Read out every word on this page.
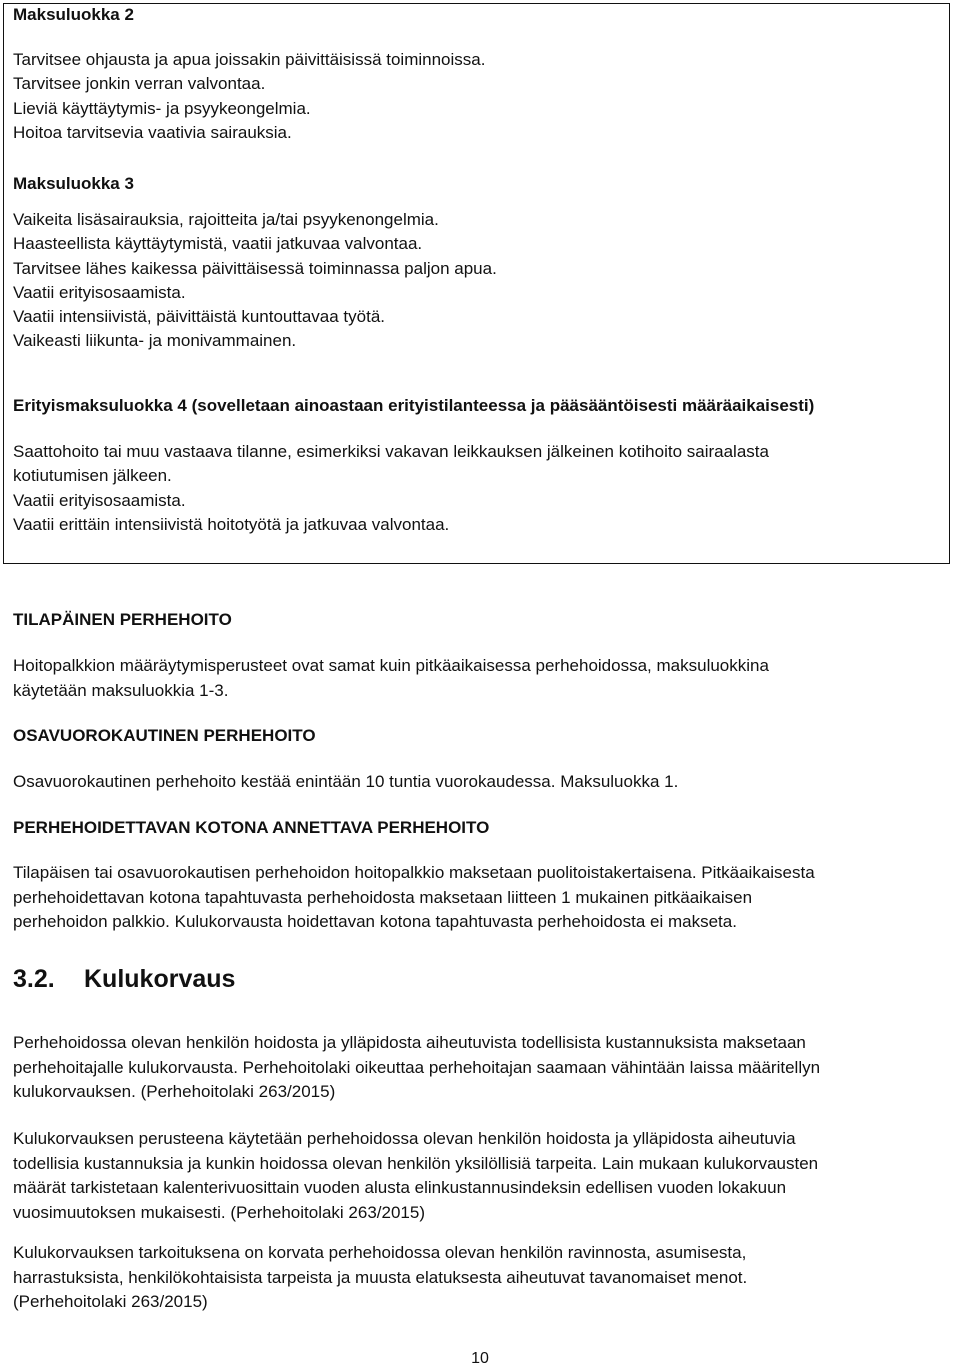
Maksuluokka 2

Tarvitsee ohjausta ja apua joissakin päivittäisissä toiminnoissa.
Tarvitsee jonkin verran valvontaa.
Lieviä käyttäytymis- ja psyykeongelmia.
Hoitoa tarvitsevia vaativia sairauksia.

Maksuluokka 3

Vaikeita lisäsairauksia, rajoitteita ja/tai psyykenongelmia.
Haasteellista käyttäytymistä, vaatii jatkuvaa valvontaa.
Tarvitsee lähes kaikessa päivittäisessä toiminnassa paljon apua.
Vaatii erityisosaamista.
Vaatii intensiivistä, päivittäistä kuntouttavaa työtä.
Vaikeasti liikunta- ja monivammainen.

Erityismaksuluokka 4 (sovelletaan ainoastaan erityistilanteessa ja pääsääntöisesti määräaikaisesti)

Saattohoito tai muu vastaava tilanne, esimerkiksi vakavan leikkauksen jälkeinen kotihoito sairaalasta
kotiutumisen jälkeen.
Vaatii erityisosaamista.
Vaatii erittäin intensiivistä hoitotyötä ja jatkuvaa valvontaa.

TILAPÄINEN PERHEHOITO

Hoitopalkkion määräytymisperusteet ovat samat kuin pitkäaikaisessa perhehoidossa, maksuluokkina
käytetään maksuluokkia 1-3.

OSAVUOROKAUTINEN PERHEHOITO

Osavuorokautinen perhehoito kestää enintään 10 tuntia vuorokaudessa. Maksuluokka 1.

PERHEHOIDETTAVAN KOTONA ANNETTAVA PERHEHOITO

Tilapäisen tai osavuorokautisen perhehoidon hoitopalkkio maksetaan puolitoistakertaisena. Pitkäaikaisesta
perhehoidettavan kotona tapahtuvasta perhehoidosta maksetaan liitteen 1 mukainen pitkäaikaisen
perhehoidon palkkio. Kulukorvausta hoidettavan kotona tapahtuvasta perhehoidosta ei makseta.

3.2. Kulukorvaus

Perhehoidossa olevan henkilön hoidosta ja ylläpidosta aiheutuvista todellisista kustannuksista maksetaan
perhehoitajalle kulukorvausta. Perhehoitolaki oikeuttaa perhehoitajan saamaan vähintään laissa määritellyn
kulukorvauksen. (Perhehoitolaki 263/2015)
Kulukorvauksen perusteena käytetään perhehoidossa olevan henkilön hoidosta ja ylläpidosta aiheutuvia
todellisia kustannuksia ja kunkin hoidossa olevan henkilön yksilöllisiä tarpeita. Lain mukaan kulukorvausten
määrät tarkistetaan kalenterivuosittain vuoden alusta elinkustannusindeksin edellisen vuoden lokakuun
vuosimuutoksen mukaisesti. (Perhehoitolaki 263/2015)
Kulukorvauksen tarkoituksena on korvata perhehoidossa olevan henkilön ravinnosta, asumisesta,
harrastuksista, henkilökohtaisista tarpeista ja muusta elatuksesta aiheutuvat tavanomaiset menot.
(Perhehoitolaki 263/2015)

10
